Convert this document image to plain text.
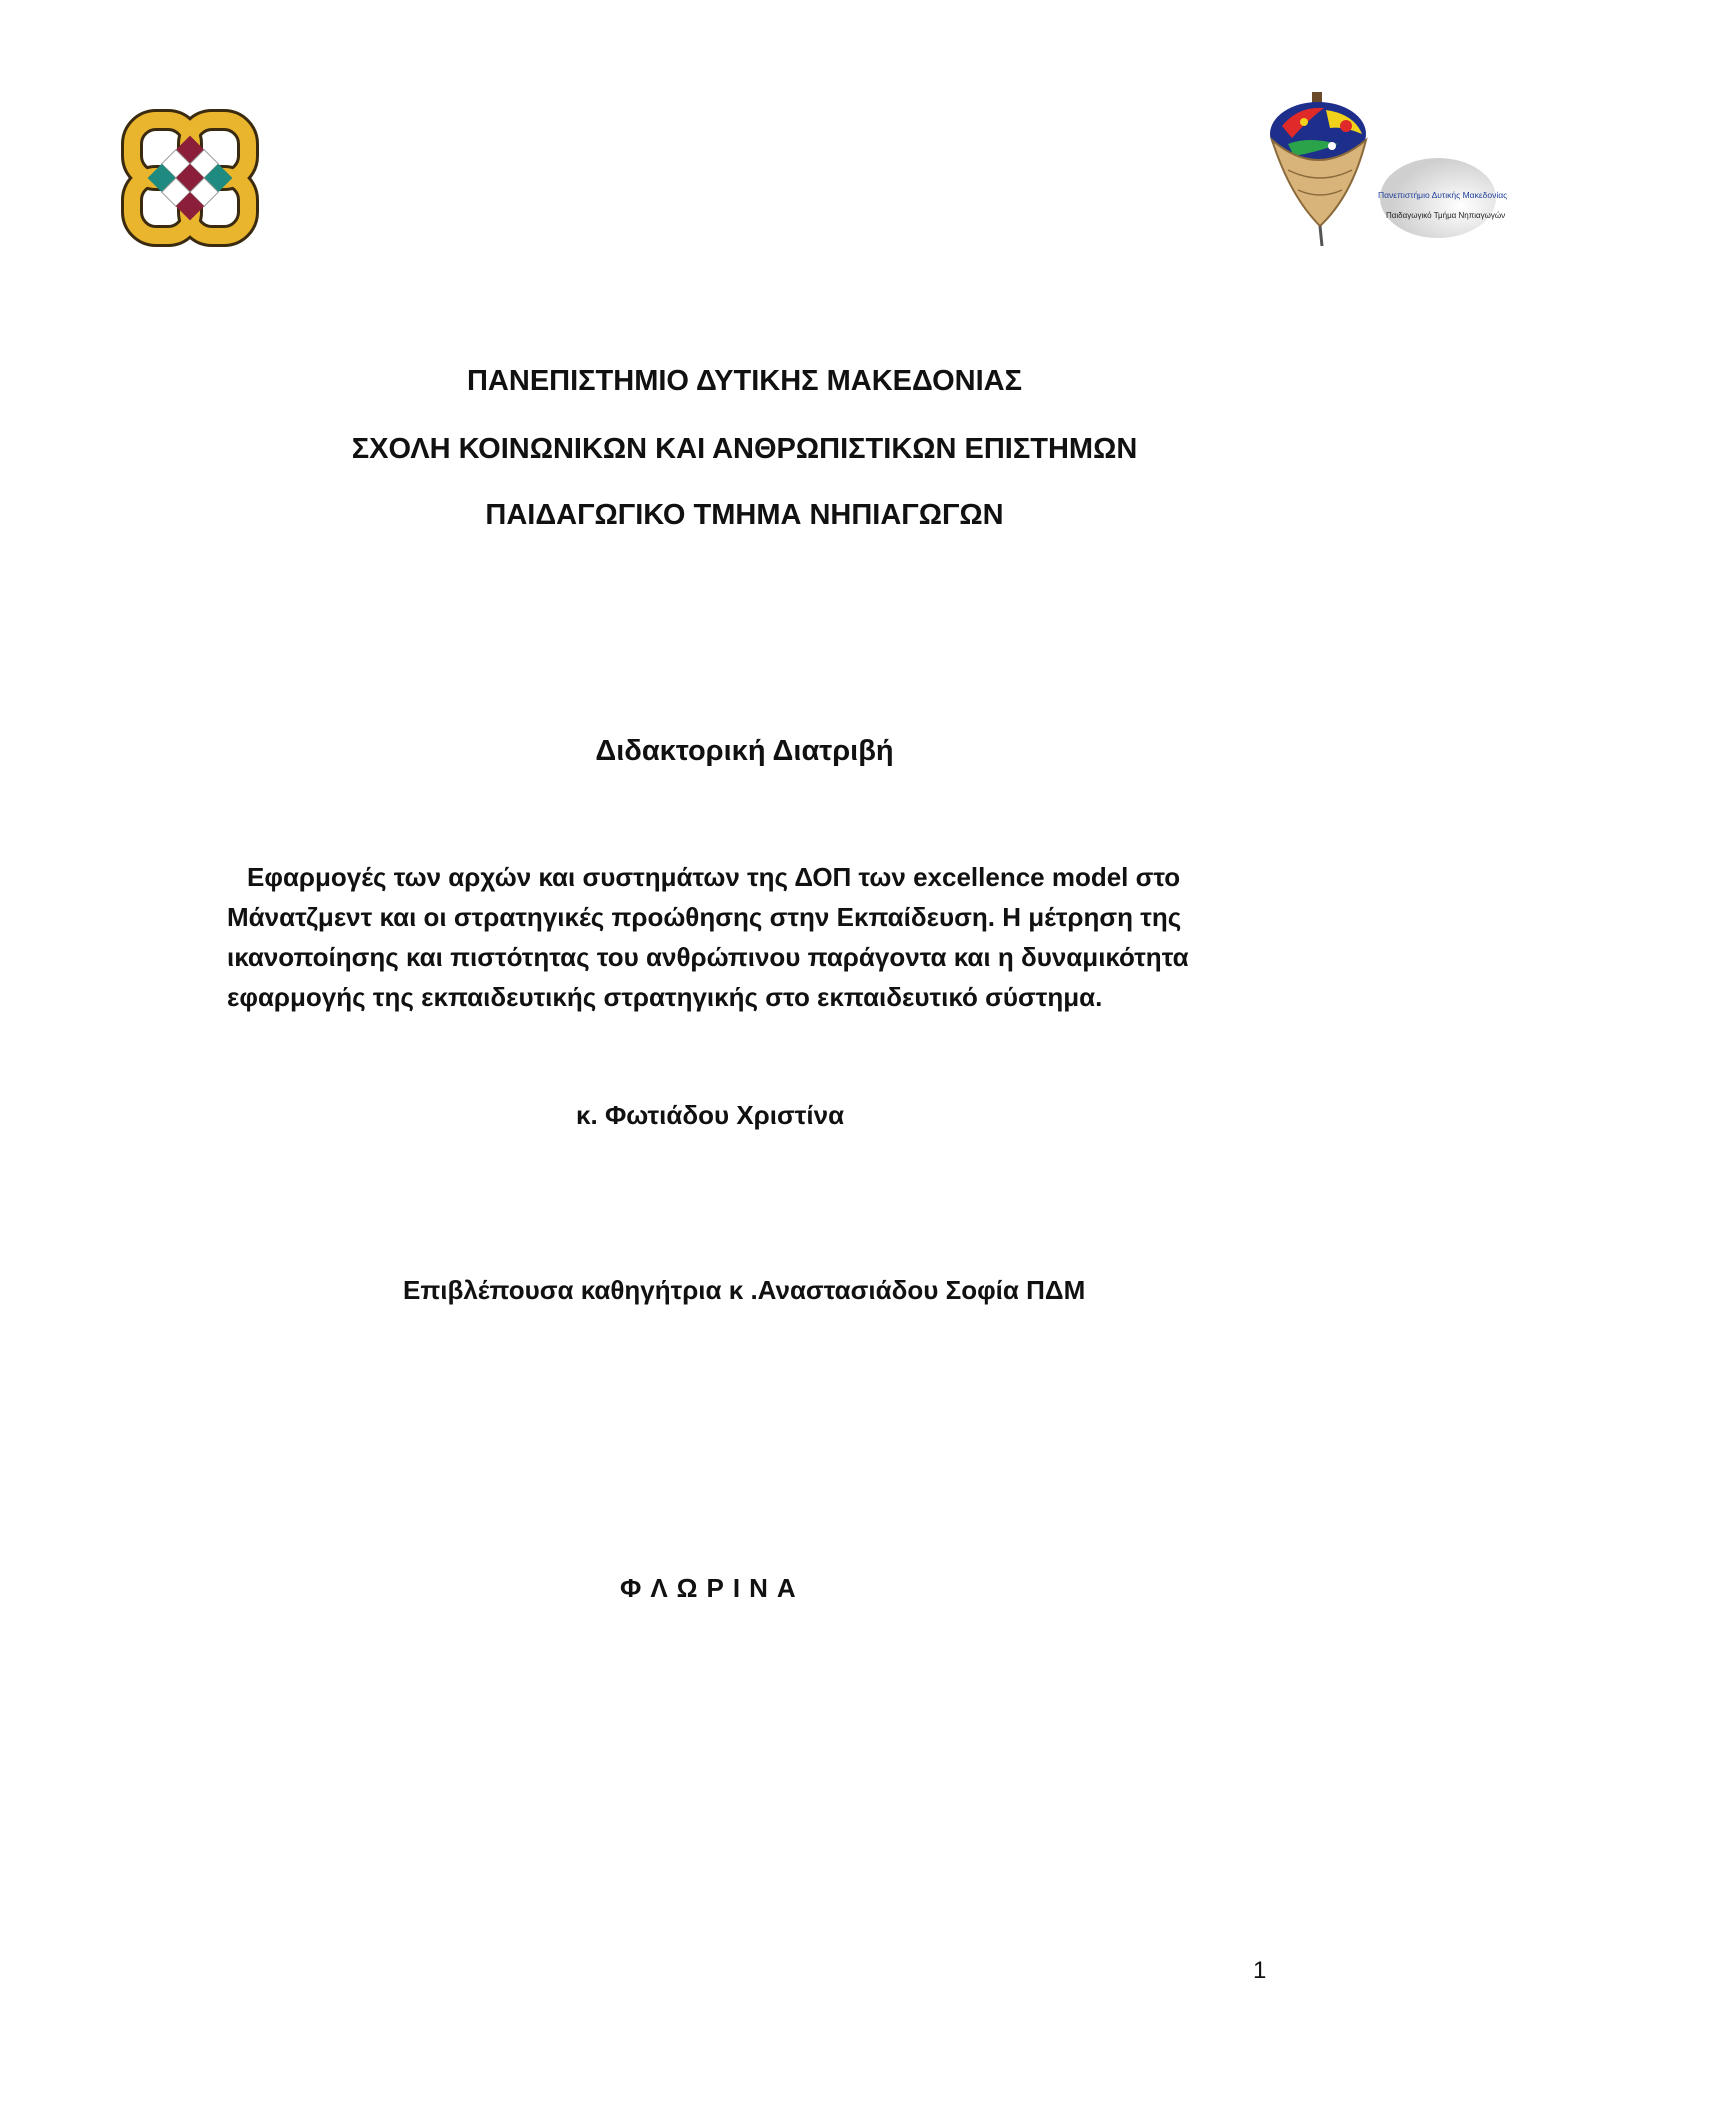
Πανεπιστήμιο Δυτικής Μακεδονίας
Παιδαγωγικό Τμήμα Νηπιαγωγών
ΠΑΝΕΠΙΣΤΗΜΙΟ ΔΥΤΙΚΗΣ ΜΑΚΕΔΟΝΙΑΣ
ΣΧΟΛΗ ΚΟΙΝΩΝΙΚΩΝ ΚΑΙ ΑΝΘΡΩΠΙΣΤΙΚΩΝ ΕΠΙΣΤΗΜΩΝ
ΠΑΙΔΑΓΩΓΙΚΟ ΤΜΗΜΑ ΝΗΠΙΑΓΩΓΩΝ
Διδακτορική Διατριβή
Εφαρμογές των αρχών και συστημάτων της ΔΟΠ των excellence model στο
Μάνατζμεντ και οι στρατηγικές προώθησης στην Εκπαίδευση. Η μέτρηση της
ικανοποίησης και πιστότητας του ανθρώπινου παράγοντα και η δυναμικότητα
εφαρμογής της εκπαιδευτικής στρατηγικής στο εκπαιδευτικό σύστημα.
κ. Φωτιάδου Χριστίνα
Επιβλέπουσα καθηγήτρια κ .Αναστασιάδου Σοφία ΠΔΜ
ΦΛΩΡΙΝΑ
1
